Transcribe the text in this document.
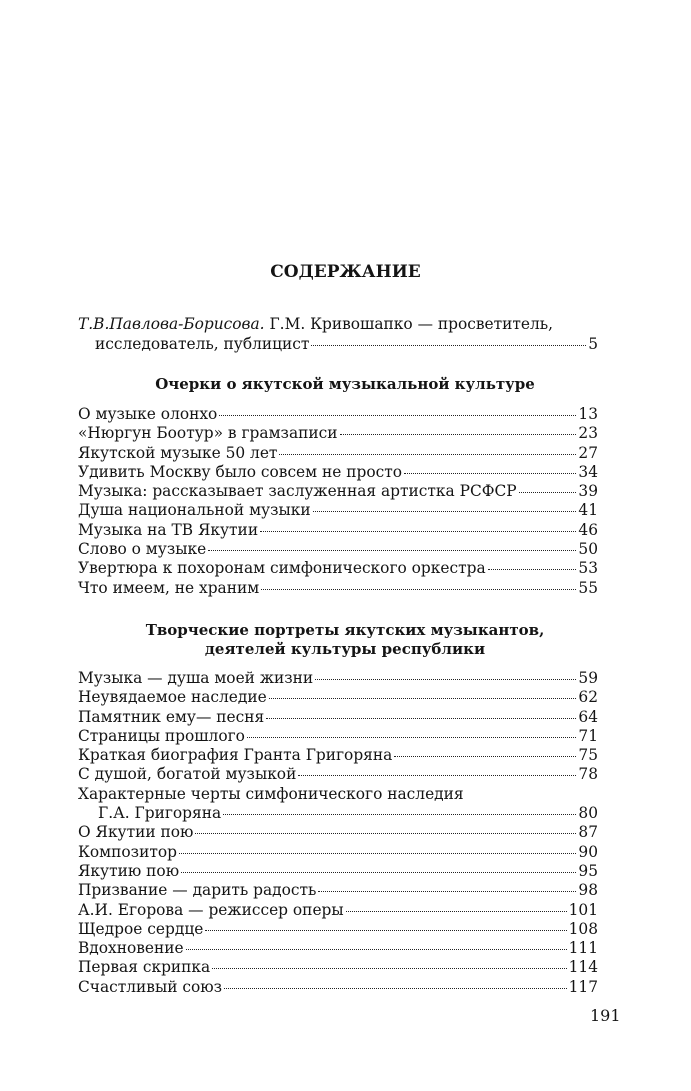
СОДЕРЖАНИЕ
Т.В.Павлова-Борисова. Г.М. Кривошапко — просветитель,
исследователь, публицист	5
Очерки о якутской музыкальной культуре
О музыке олонхо	13
«Нюргун Боотур» в грамзаписи	23
Якутской музыке 50 лет	27
Удивить Москву было совсем не просто	34
Музыка: рассказывает заслуженная артистка РСФСР	39
Душа национальной музыки	41
Музыка на ТВ Якутии	46
Слово о музыке	50
Увертюра к похоронам симфонического оркестра	53
Что имеем, не храним	55
Творческие портреты якутских музыкантов,
деятелей культуры республики
Музыка — душа моей жизни	59
Неувядаемое наследие	62
Памятник ему— песня	64
Страницы прошлого	71
Краткая биография Гранта Григоряна	75
С душой, богатой музыкой	78
Характерные черты симфонического наследия
Г.А. Григоряна	80
О Якутии пою	87
Композитор	90
Якутию пою	95
Призвание — дарить радость	98
А.И. Егорова — режиссер оперы	101
Щедрое сердце	108
Вдохновение	111
Первая скрипка	114
Счастливый союз	117
191
